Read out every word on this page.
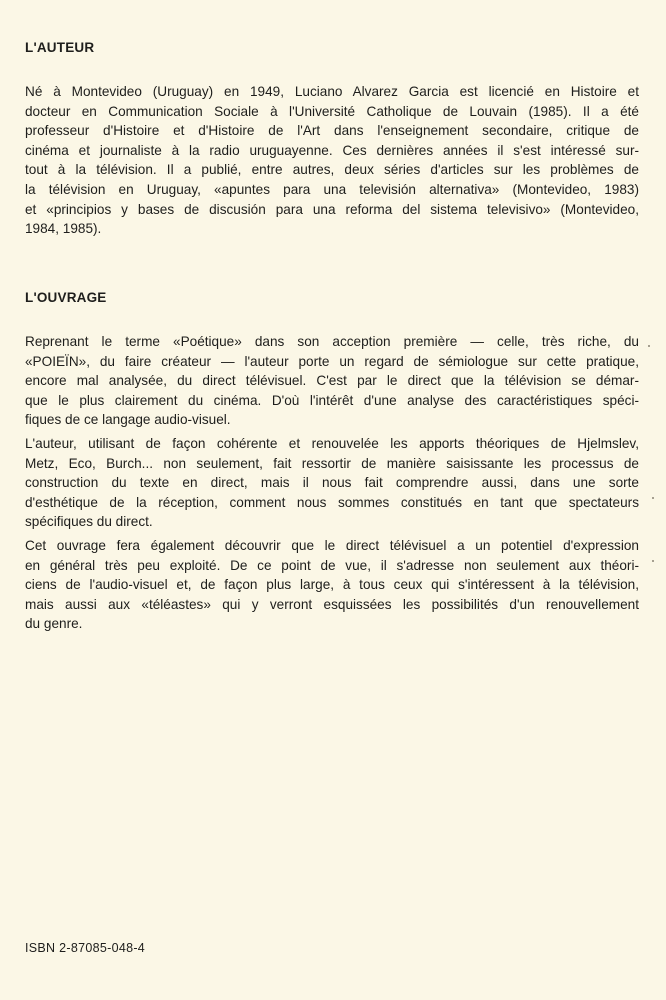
L'AUTEUR
Né à Montevideo (Uruguay) en 1949, Luciano Alvarez Garcia est licencié en Histoire et
docteur en Communication Sociale à l'Université Catholique de Louvain (1985). Il a été
professeur d'Histoire et d'Histoire de l'Art dans l'enseignement secondaire, critique de
cinéma et journaliste à la radio uruguayenne. Ces dernières années il s'est intéressé sur-
tout à la télévision. Il a publié, entre autres, deux séries d'articles sur les problèmes de
la télévision en Uruguay, «apuntes para una televisión alternativa» (Montevideo, 1983)
et «principios y bases de discusión para una reforma del sistema televisivo» (Montevideo,
1984, 1985).
L'OUVRAGE
Reprenant le terme «Poétique» dans son acception première — celle, très riche, du
«POIEÏN», du faire créateur — l'auteur porte un regard de sémiologue sur cette pratique,
encore mal analysée, du direct télévisuel. C'est par le direct que la télévision se démar-
que le plus clairement du cinéma. D'où l'intérêt d'une analyse des caractéristiques spéci-
fiques de ce langage audio-visuel.
L'auteur, utilisant de façon cohérente et renouvelée les apports théoriques de Hjelmslev,
Metz, Eco, Burch... non seulement, fait ressortir de manière saisissante les processus de
construction du texte en direct, mais il nous fait comprendre aussi, dans une sorte
d'esthétique de la réception, comment nous sommes constitués en tant que spectateurs
spécifiques du direct.
Cet ouvrage fera également découvrir que le direct télévisuel a un potentiel d'expression
en général très peu exploité. De ce point de vue, il s'adresse non seulement aux théori-
ciens de l'audio-visuel et, de façon plus large, à tous ceux qui s'intéressent à la télévision,
mais aussi aux «téléastes» qui y verront esquissées les possibilités d'un renouvellement
du genre.
ISBN 2-87085-048-4
